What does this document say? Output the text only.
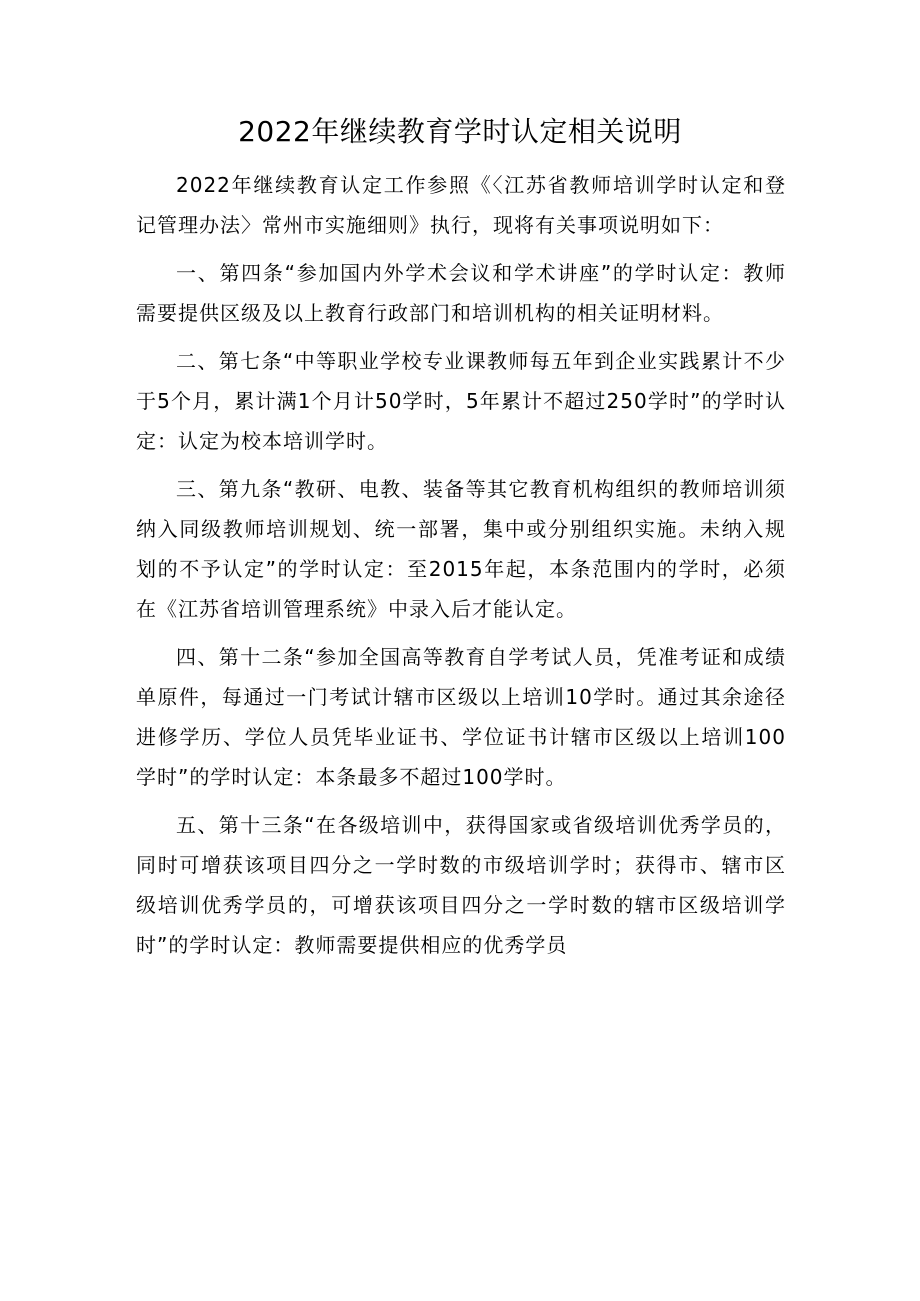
2022年继续教育学时认定相关说明

2022年继续教育认定工作参照《〈江苏省教师培训学时认定和登记管理办法〉常州市实施细则》执行，现将有关事项说明如下：

一、第四条“参加国内外学术会议和学术讲座”的学时认定：教师需要提供区级及以上教育行政部门和培训机构的相关证明材料。

二、第七条“中等职业学校专业课教师每五年到企业实践累计不少于5个月，累计满1个月计50学时，5年累计不超过250学时”的学时认定：认定为校本培训学时。

三、第九条“教研、电教、装备等其它教育机构组织的教师培训须纳入同级教师培训规划、统一部署，集中或分别组织实施。未纳入规划的不予认定”的学时认定：至2015年起，本条范围内的学时，必须在《江苏省培训管理系统》中录入后才能认定。

四、第十二条“参加全国高等教育自学考试人员，凭准考证和成绩单原件，每通过一门考试计辖市区级以上培训10学时。通过其余途径进修学历、学位人员凭毕业证书、学位证书计辖市区级以上培训100学时”的学时认定：本条最多不超过100学时。

五、第十三条“在各级培训中，获得国家或省级培训优秀学员的，同时可增获该项目四分之一学时数的市级培训学时；获得市、辖市区级培训优秀学员的，可增获该项目四分之一学时数的辖市区级培训学时”的学时认定：教师需要提供相应的优秀学员
